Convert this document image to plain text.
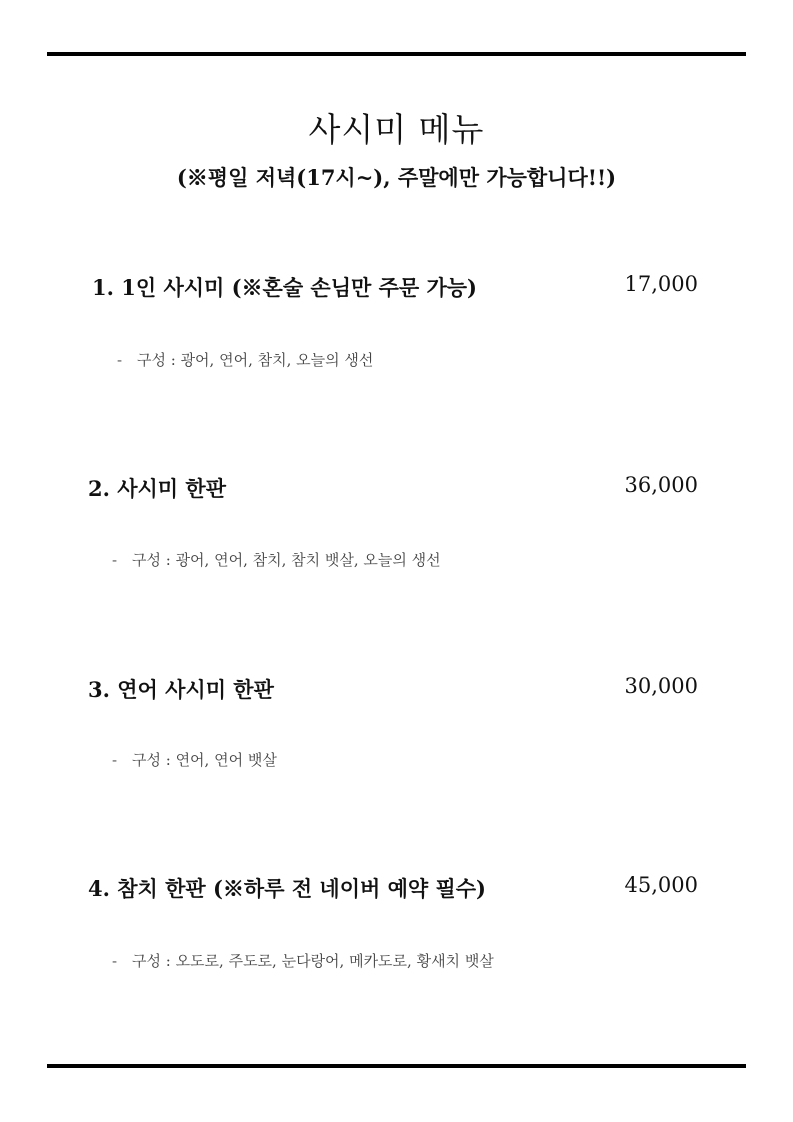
사시미 메뉴
(※평일 저녁(17시~), 주말에만 가능합니다!!)
1. 1인 사시미 (※혼술 손님만 주문 가능)	17,000
- 구성 : 광어, 연어, 참치, 오늘의 생선
2. 사시미 한판	36,000
- 구성 : 광어, 연어, 참치, 참치 뱃살, 오늘의 생선
3. 연어 사시미 한판	30,000
- 구성 : 연어, 연어 뱃살
4. 참치 한판 (※하루 전 네이버 예약 필수)	45,000
- 구성 : 오도로, 주도로, 눈다랑어, 메카도로, 황새치 뱃살
